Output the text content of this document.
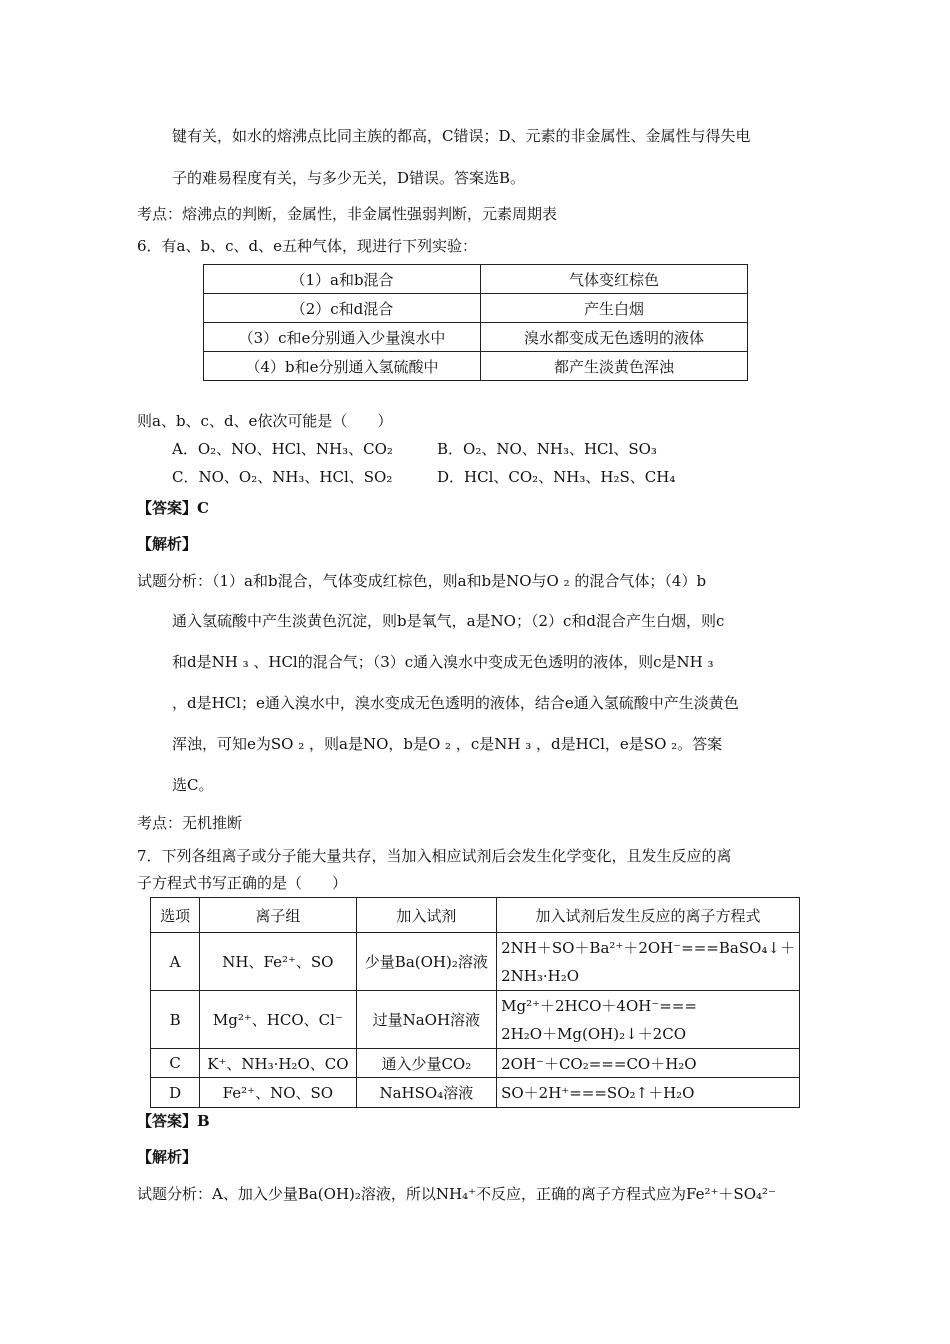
键有关，如水的熔沸点比同主族的都高，C错误；D、元素的非金属性、金属性与得失电
子的难易程度有关，与多少无关，D错误。答案选B。
考点：熔沸点的判断，金属性，非金属性强弱判断，元素周期表
6．有a、b、c、d、e五种气体，现进行下列实验：
（1）a和b混合	气体变红棕色
（2）c和d混合	产生白烟
（3）c和e分别通入少量溴水中	溴水都变成无色透明的液体
（4）b和e分别通入氢硫酸中	都产生淡黄色浑浊
则a、b、c、d、e依次可能是（　　）
A．O₂、NO、HCl、NH₃、CO₂	B．O₂、NO、NH₃、HCl、SO₃
C．NO、O₂、NH₃、HCl、SO₂	D．HCl、CO₂、NH₃、H₂S、CH₄
【答案】C
【解析】
试题分析：（1）a和b混合，气体变成红棕色，则a和b是NO与O ₂ 的混合气体；（4）b
通入氢硫酸中产生淡黄色沉淀，则b是氧气，a是NO；（2）c和d混合产生白烟，则c
和d是NH ₃ 、HCl的混合气；（3）c通入溴水中变成无色透明的液体，则c是NH ₃
，d是HCl；e通入溴水中，溴水变成无色透明的液体，结合e通入氢硫酸中产生淡黄色
浑浊，可知e为SO ₂ ，则a是NO，b是O ₂ ，c是NH ₃ ，d是HCl，e是SO ₂。答案
选C。
考点：无机推断
7．下列各组离子或分子能大量共存，当加入相应试剂后会发生化学变化，且发生反应的离
子方程式书写正确的是（　　）
选项	离子组	加入试剂	加入试剂后发生反应的离子方程式
A	NH、Fe²⁺、SO	少量Ba(OH)₂溶液	2NH＋SO＋Ba²⁺＋2OH⁻===BaSO₄↓＋
2NH₃·H₂O

B	Mg²⁺、HCO、Cl⁻	过量NaOH溶液	Mg²⁺＋2HCO＋4OH⁻===
2H₂O＋Mg(OH)₂↓＋2CO

C	K⁺、NH₃·H₂O、CO	通入少量CO₂	2OH⁻＋CO₂===CO＋H₂O
D	Fe²⁺、NO、SO	NaHSO₄溶液	SO＋2H⁺===SO₂↑＋H₂O
【答案】B
【解析】
试题分析：A、加入少量Ba(OH)₂溶液，所以NH₄⁺不反应，正确的离子方程式应为Fe²⁺＋SO₄²⁻
